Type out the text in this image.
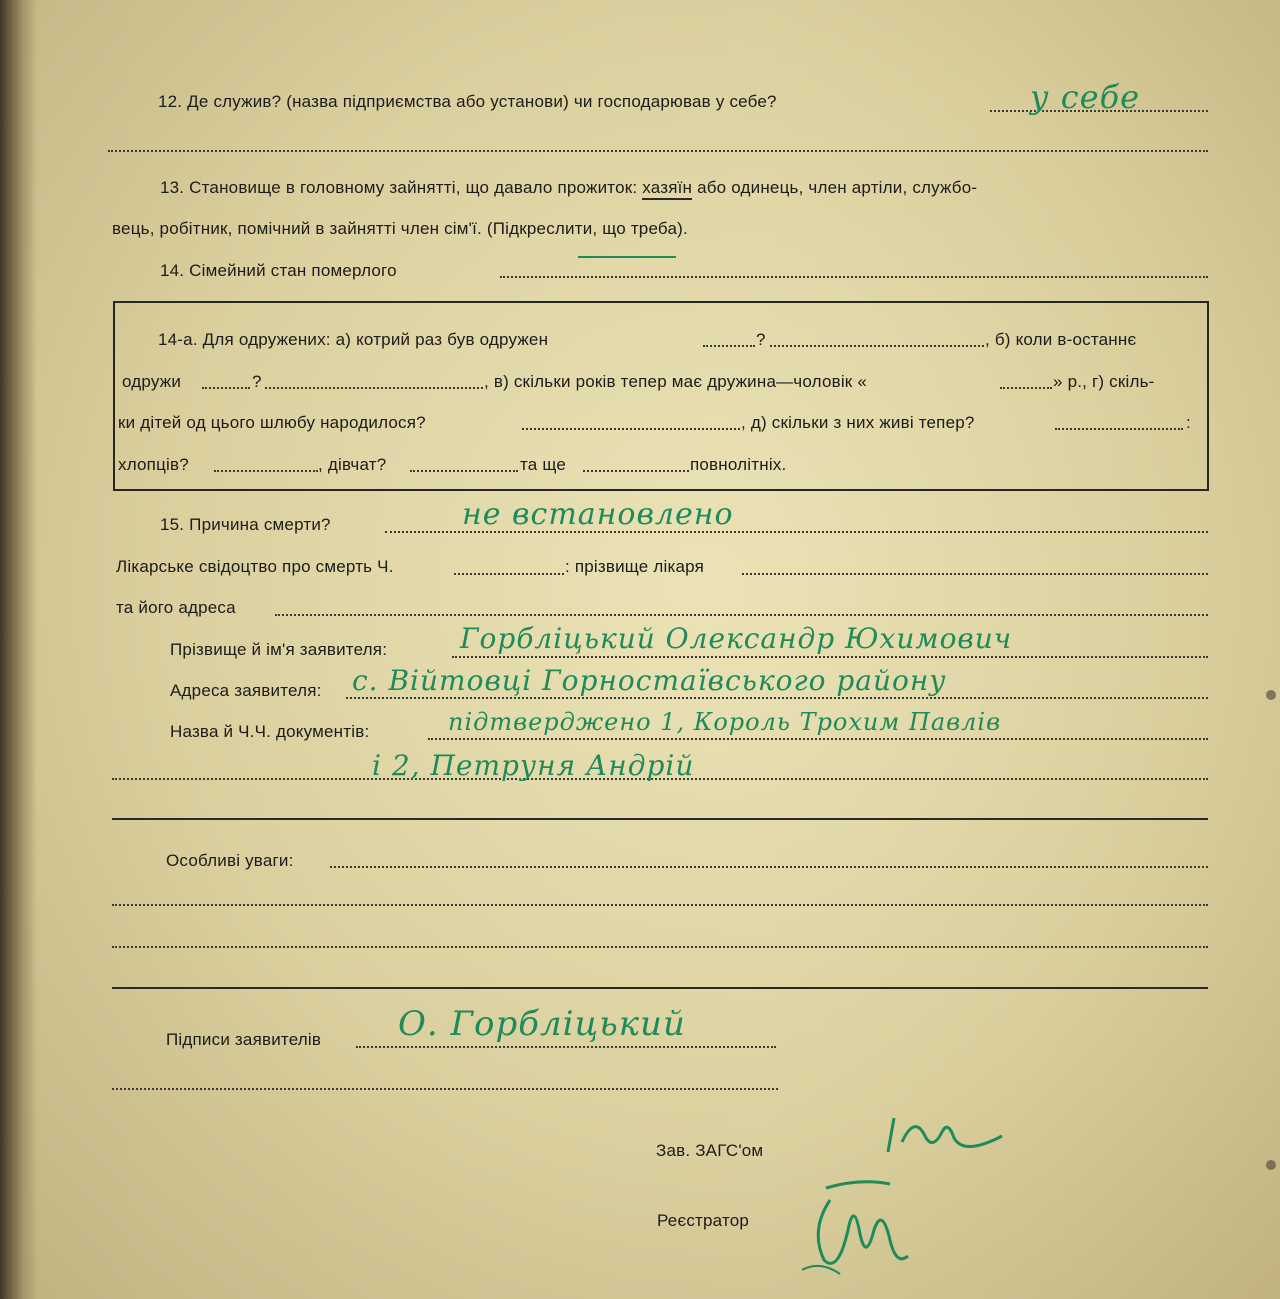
12. Де служив? (назва підприємства або установи) чи господарював у себе?	у себе
13. Становище в головному зайнятті, що давало прожиток: хазяїн або одинець, член артіли, службо-
вець, робітник, помічний в зайнятті член сім'ї. (Підкреслити, що треба).
14. Сімейний стан померлого
14-а. Для одружених: а) котрий раз був одружен	?	, б) коли в-останнє
одружи	?	, в) скільки років тепер має дружина—чоловік «	» р., г) скіль-
ки дітей од цього шлюбу народилося?	, д) скільки з них живі тепер?	:
хлопців?	, дівчат?	та ще	повнолітніх.
15. Причина смерти?	не встановлено
Лікарське свідоцтво про смерть Ч.	: прізвище лікаря
та його адреса
Прізвище й ім'я заявителя:	Горбліцький Олександр Юхимович
Адреса заявителя: с. Війтовці Горностаївського району
Назва й Ч.Ч. документів:	підтверджено 1, Король Трохим Павлів
і 2, Петруня Андрій
Особливі уваги:
Підписи заявителів О. Горбліцький
Зав. ЗАГС'ом
Реєстратор
